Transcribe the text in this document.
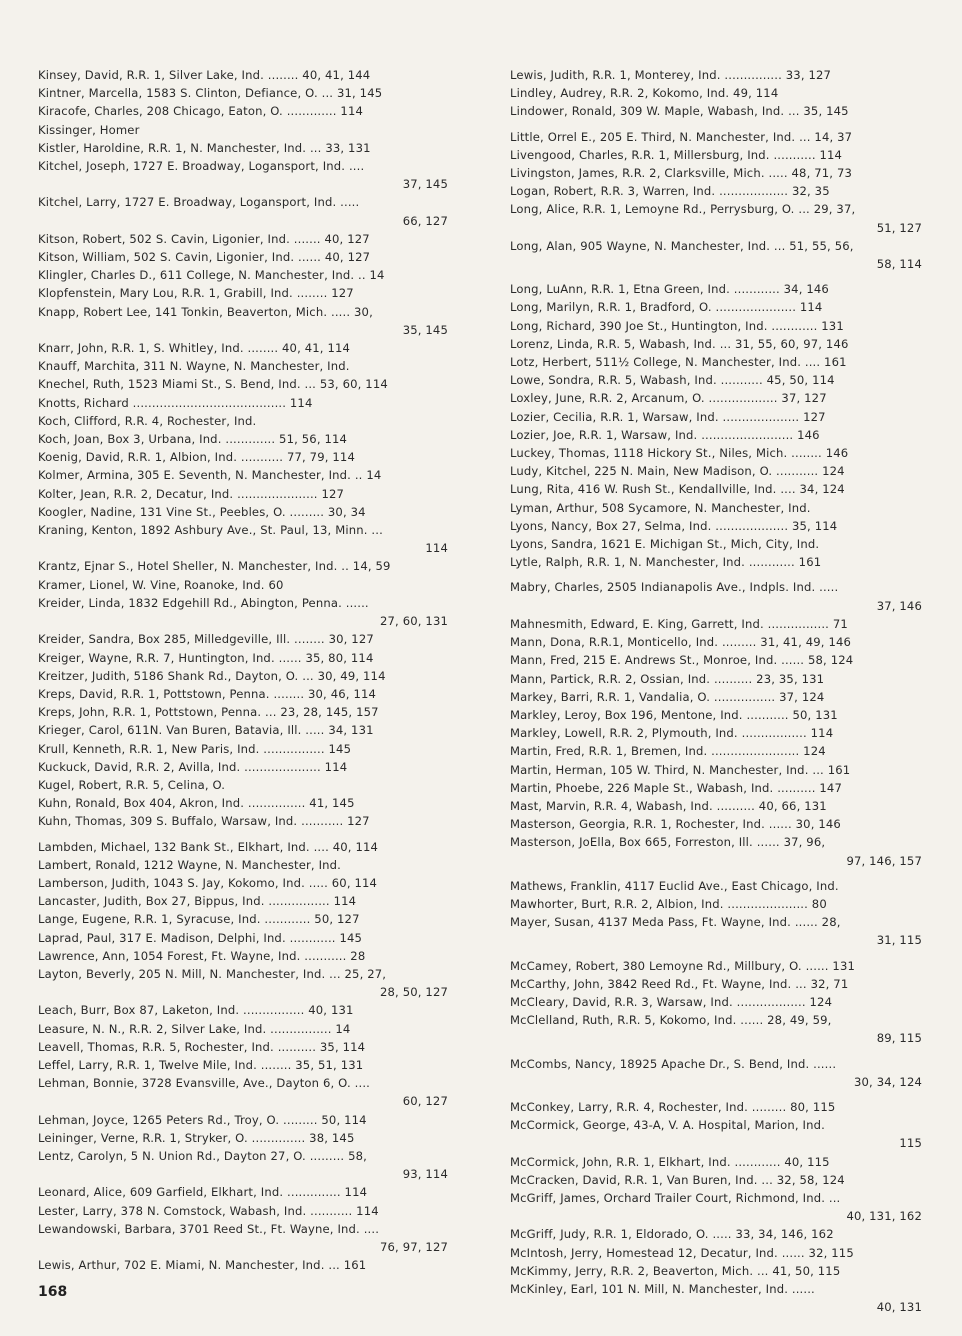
Kinsey, David, R.R. 1, Silver Lake, Ind. ........ 40, 41, 144
Kintner, Marcella, 1583 S. Clinton, Defiance, O. ... 31, 145
Kiracofe, Charles, 208 Chicago, Eaton, O. ............. 114
Kissinger, Homer
Kistler, Haroldine, R.R. 1, N. Manchester, Ind. ... 33, 131
Kitchel, Joseph, 1727 E. Broadway, Logansport, Ind. ....
37, 145
Kitchel, Larry, 1727 E. Broadway, Logansport, Ind. .....
66, 127
Kitson, Robert, 502 S. Cavin, Ligonier, Ind. ....... 40, 127
Kitson, William, 502 S. Cavin, Ligonier, Ind. ...... 40, 127
Klingler, Charles D., 611 College, N. Manchester, Ind. .. 14
Klopfenstein, Mary Lou, R.R. 1, Grabill, Ind. ........ 127
Knapp, Robert Lee, 141 Tonkin, Beaverton, Mich. ..... 30,
35, 145
Knarr, John, R.R. 1, S. Whitley, Ind. ........ 40, 41, 114
Knauff, Marchita, 311 N. Wayne, N. Manchester, Ind.
Knechel, Ruth, 1523 Miami St., S. Bend, Ind. ... 53, 60, 114
Knotts, Richard ........................................ 114
Koch, Clifford, R.R. 4, Rochester, Ind.
Koch, Joan, Box 3, Urbana, Ind. ............. 51, 56, 114
Koenig, David, R.R. 1, Albion, Ind. ........... 77, 79, 114
Kolmer, Armina, 305 E. Seventh, N. Manchester, Ind. .. 14
Kolter, Jean, R.R. 2, Decatur, Ind. ..................... 127
Koogler, Nadine, 131 Vine St., Peebles, O. ......... 30, 34
Kraning, Kenton, 1892 Ashbury Ave., St. Paul, 13, Minn. ...
114
Krantz, Ejnar S., Hotel Sheller, N. Manchester, Ind. .. 14, 59
Kramer, Lionel, W. Vine, Roanoke, Ind. 60
Kreider, Linda, 1832 Edgehill Rd., Abington, Penna. ......
27, 60, 131
Kreider, Sandra, Box 285, Milledgeville, Ill. ........ 30, 127
Kreiger, Wayne, R.R. 7, Huntington, Ind. ...... 35, 80, 114
Kreitzer, Judith, 5186 Shank Rd., Dayton, O. ... 30, 49, 114
Kreps, David, R.R. 1, Pottstown, Penna. ........ 30, 46, 114
Kreps, John, R.R. 1, Pottstown, Penna. ... 23, 28, 145, 157
Krieger, Carol, 611N. Van Buren, Batavia, Ill. ..... 34, 131
Krull, Kenneth, R.R. 1, New Paris, Ind. ................ 145
Kuckuck, David, R.R. 2, Avilla, Ind. .................... 114
Kugel, Robert, R.R. 5, Celina, O.
Kuhn, Ronald, Box 404, Akron, Ind. ............... 41, 145
Kuhn, Thomas, 309 S. Buffalo, Warsaw, Ind. ........... 127
Lambden, Michael, 132 Bank St., Elkhart, Ind. .... 40, 114
Lambert, Ronald, 1212 Wayne, N. Manchester, Ind.
Lamberson, Judith, 1043 S. Jay, Kokomo, Ind. ..... 60, 114
Lancaster, Judith, Box 27, Bippus, Ind. ................ 114
Lange, Eugene, R.R. 1, Syracuse, Ind. ............ 50, 127
Laprad, Paul, 317 E. Madison, Delphi, Ind. ............ 145
Lawrence, Ann, 1054 Forest, Ft. Wayne, Ind. ........... 28
Layton, Beverly, 205 N. Mill, N. Manchester, Ind. ... 25, 27,
28, 50, 127
Leach, Burr, Box 87, Laketon, Ind. ................ 40, 131
Leasure, N. N., R.R. 2, Silver Lake, Ind. ................ 14
Leavell, Thomas, R.R. 5, Rochester, Ind. .......... 35, 114
Leffel, Larry, R.R. 1, Twelve Mile, Ind. ........ 35, 51, 131
Lehman, Bonnie, 3728 Evansville, Ave., Dayton 6, O. ....
60, 127
Lehman, Joyce, 1265 Peters Rd., Troy, O. ......... 50, 114
Leininger, Verne, R.R. 1, Stryker, O. .............. 38, 145
Lentz, Carolyn, 5 N. Union Rd., Dayton 27, O. ......... 58,
93, 114
Leonard, Alice, 609 Garfield, Elkhart, Ind. .............. 114
Lester, Larry, 378 N. Comstock, Wabash, Ind. ........... 114
Lewandowski, Barbara, 3701 Reed St., Ft. Wayne, Ind. ....
76, 97, 127
Lewis, Arthur, 702 E. Miami, N. Manchester, Ind. ... 161
Lewis, Judith, R.R. 1, Monterey, Ind. ............... 33, 127
Lindley, Audrey, R.R. 2, Kokomo, Ind. 49, 114
Lindower, Ronald, 309 W. Maple, Wabash, Ind. ... 35, 145
Little, Orrel E., 205 E. Third, N. Manchester, Ind. ... 14, 37
Livengood, Charles, R.R. 1, Millersburg, Ind. ........... 114
Livingston, James, R.R. 2, Clarksville, Mich. ..... 48, 71, 73
Logan, Robert, R.R. 3, Warren, Ind. .................. 32, 35
Long, Alice, R.R. 1, Lemoyne Rd., Perrysburg, O. ... 29, 37,
51, 127
Long, Alan, 905 Wayne, N. Manchester, Ind. ... 51, 55, 56,
58, 114
Long, LuAnn, R.R. 1, Etna Green, Ind. ............ 34, 146
Long, Marilyn, R.R. 1, Bradford, O. ..................... 114
Long, Richard, 390 Joe St., Huntington, Ind. ............ 131
Lorenz, Linda, R.R. 5, Wabash, Ind. ... 31, 55, 60, 97, 146
Lotz, Herbert, 511½ College, N. Manchester, Ind. .... 161
Lowe, Sondra, R.R. 5, Wabash, Ind. ........... 45, 50, 114
Loxley, June, R.R. 2, Arcanum, O. .................. 37, 127
Lozier, Cecilia, R.R. 1, Warsaw, Ind. .................... 127
Lozier, Joe, R.R. 1, Warsaw, Ind. ........................ 146
Luckey, Thomas, 1118 Hickory St., Niles, Mich. ........ 146
Ludy, Kitchel, 225 N. Main, New Madison, O. ........... 124
Lung, Rita, 416 W. Rush St., Kendallville, Ind. .... 34, 124
Lyman, Arthur, 508 Sycamore, N. Manchester, Ind.
Lyons, Nancy, Box 27, Selma, Ind. ................... 35, 114
Lyons, Sandra, 1621 E. Michigan St., Mich, City, Ind.
Lytle, Ralph, R.R. 1, N. Manchester, Ind. ............ 161
Mabry, Charles, 2505 Indianapolis Ave., Indpls. Ind. .....
37, 146
Mahnesmith, Edward, E. King, Garrett, Ind. ................ 71
Mann, Dona, R.R.1, Monticello, Ind. ......... 31, 41, 49, 146
Mann, Fred, 215 E. Andrews St., Monroe, Ind. ...... 58, 124
Mann, Partick, R.R. 2, Ossian, Ind. .......... 23, 35, 131
Markey, Barri, R.R. 1, Vandalia, O. ................ 37, 124
Markley, Leroy, Box 196, Mentone, Ind. ........... 50, 131
Markley, Lowell, R.R. 2, Plymouth, Ind. ................. 114
Martin, Fred, R.R. 1, Bremen, Ind. ....................... 124
Martin, Herman, 105 W. Third, N. Manchester, Ind. ... 161
Martin, Phoebe, 226 Maple St., Wabash, Ind. .......... 147
Mast, Marvin, R.R. 4, Wabash, Ind. .......... 40, 66, 131
Masterson, Georgia, R.R. 1, Rochester, Ind. ...... 30, 146
Masterson, JoElla, Box 665, Forreston, Ill. ...... 37, 96,
97, 146, 157
Mathews, Franklin, 4117 Euclid Ave., East Chicago, Ind.
Mawhorter, Burt, R.R. 2, Albion, Ind. ..................... 80
Mayer, Susan, 4137 Meda Pass, Ft. Wayne, Ind. ...... 28,
31, 115
McCamey, Robert, 380 Lemoyne Rd., Millbury, O. ...... 131
McCarthy, John, 3842 Reed Rd., Ft. Wayne, Ind. ... 32, 71
McCleary, David, R.R. 3, Warsaw, Ind. .................. 124
McClelland, Ruth, R.R. 5, Kokomo, Ind. ...... 28, 49, 59,
89, 115
McCombs, Nancy, 18925 Apache Dr., S. Bend, Ind. ......
30, 34, 124
McConkey, Larry, R.R. 4, Rochester, Ind. ......... 80, 115
McCormick, George, 43-A, V. A. Hospital, Marion, Ind.
115
McCormick, John, R.R. 1, Elkhart, Ind. ............ 40, 115
McCracken, David, R.R. 1, Van Buren, Ind. ... 32, 58, 124
McGriff, James, Orchard Trailer Court, Richmond, Ind. ...
40, 131, 162
McGriff, Judy, R.R. 1, Eldorado, O. ..... 33, 34, 146, 162
McIntosh, Jerry, Homestead 12, Decatur, Ind. ...... 32, 115
McKimmy, Jerry, R.R. 2, Beaverton, Mich. ... 41, 50, 115
McKinley, Earl, 101 N. Mill, N. Manchester, Ind. ......
40, 131
168
